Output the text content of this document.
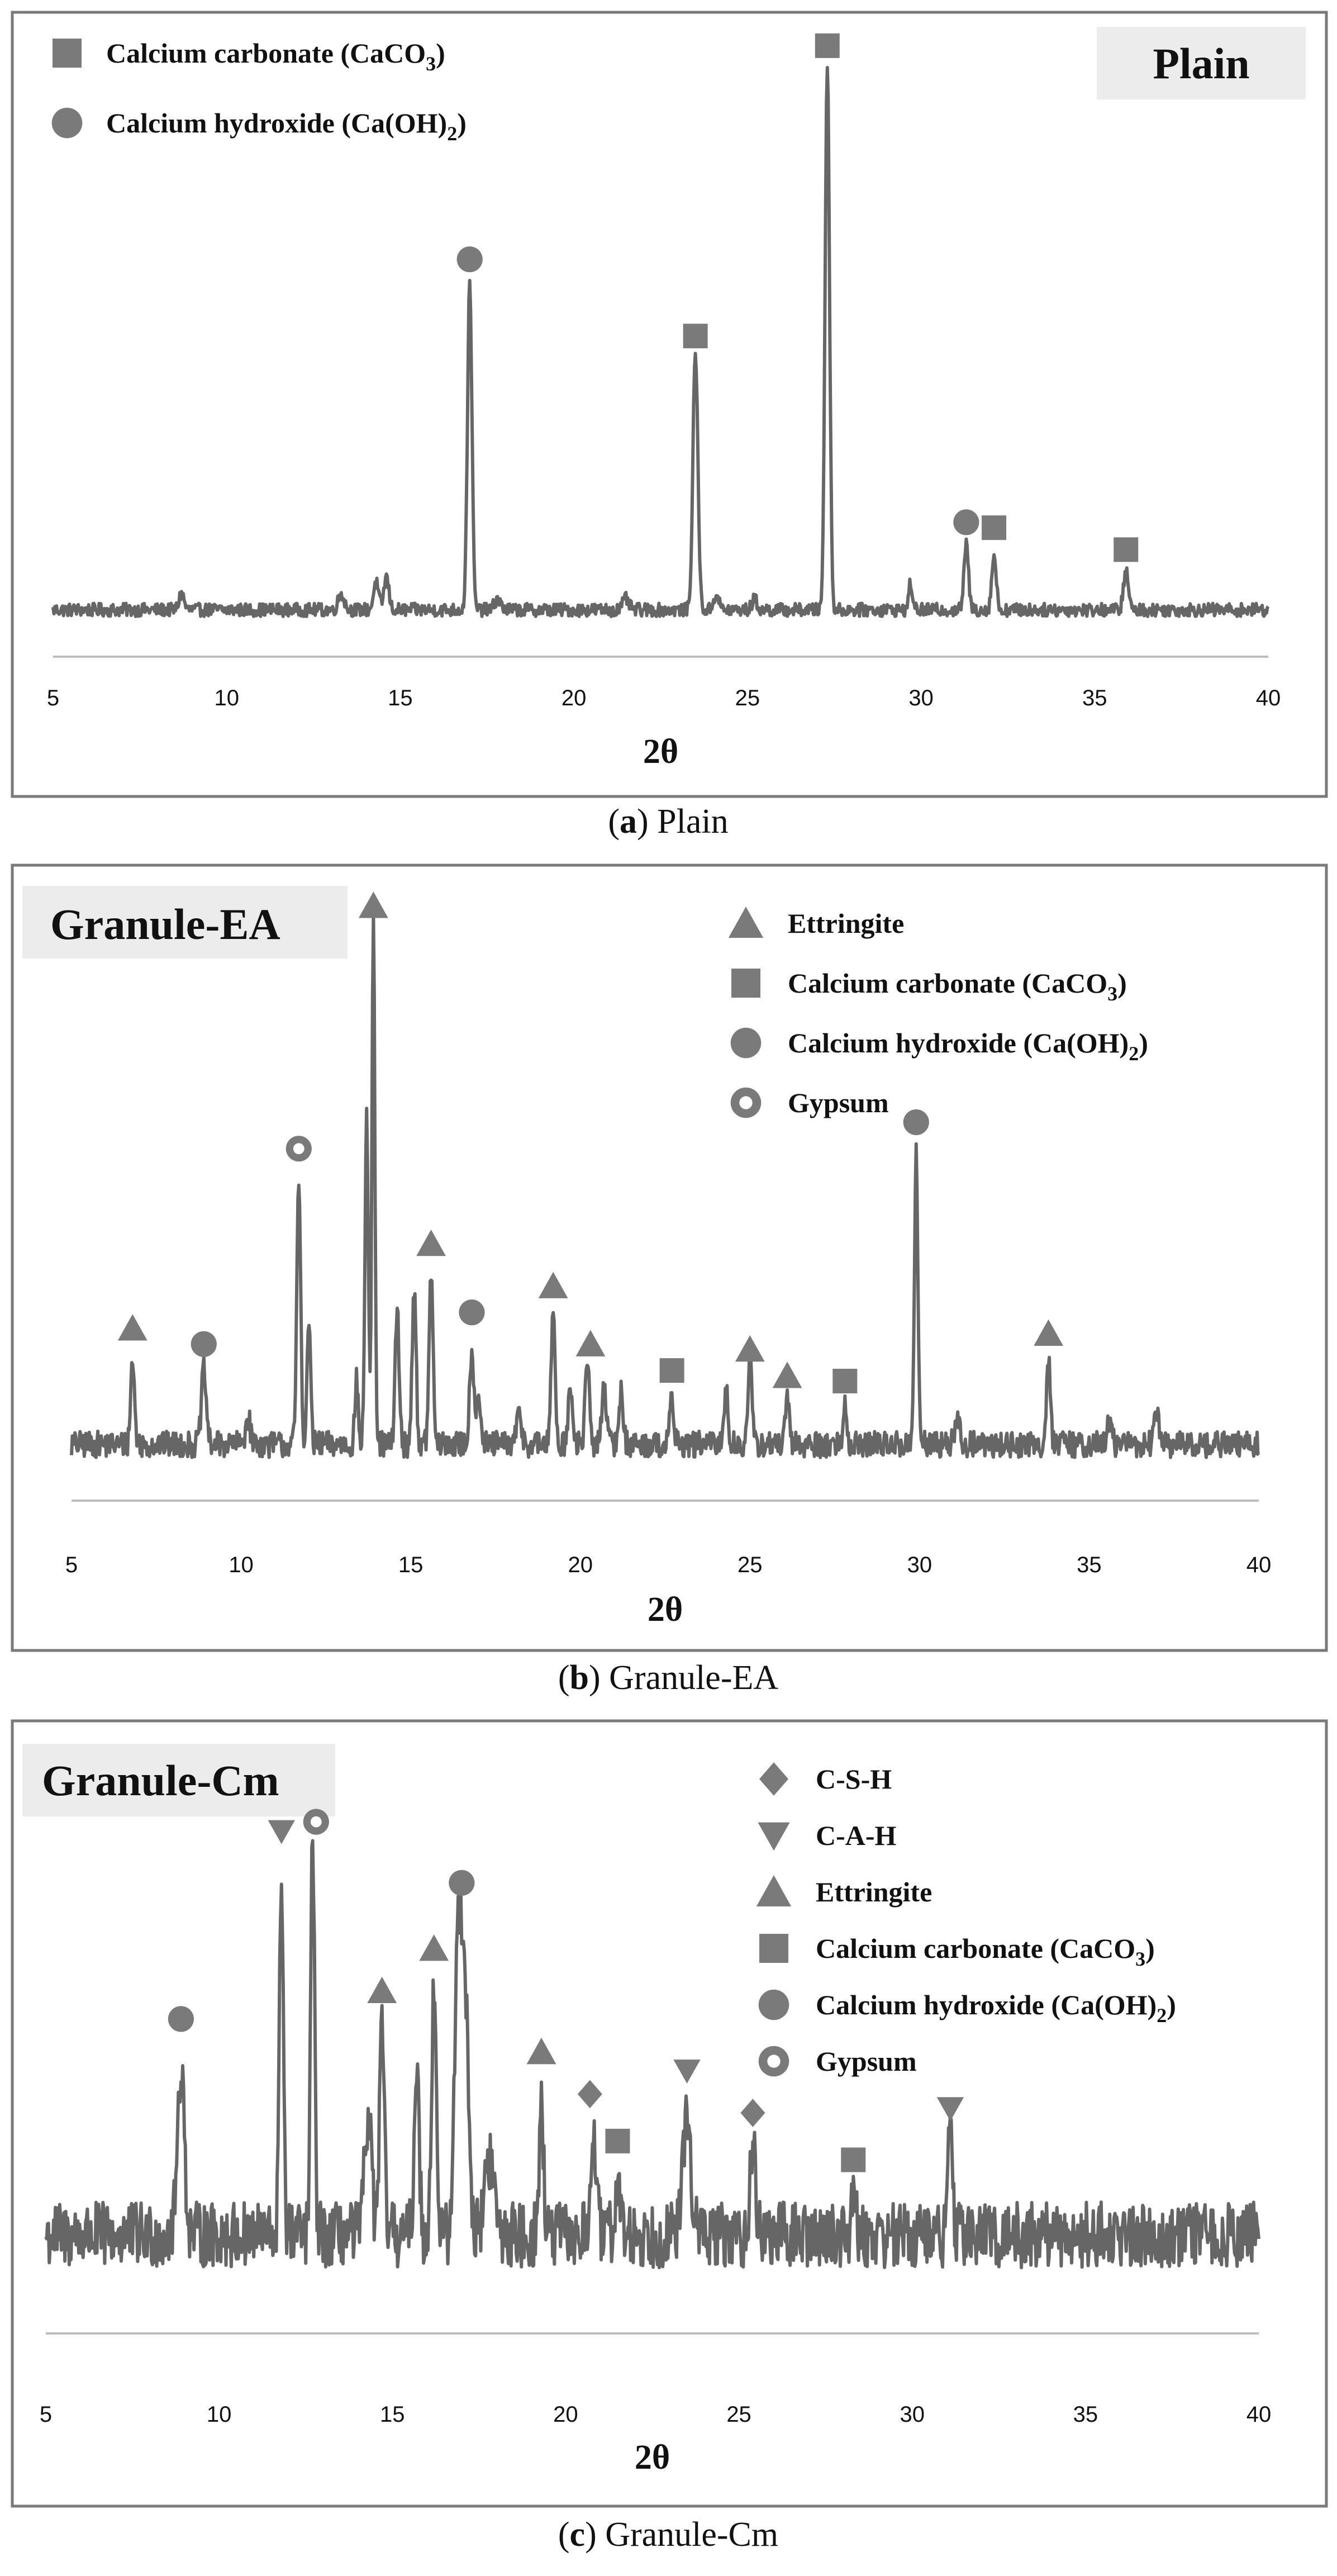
Plain
Calcium carbonate (CaCO$_3$)
Calcium hydroxide $(Ca(OH)_2)$
5	10	15	20	25	30	35	40
2θ
(a) Plain
Granule-EA	Ettringite
Calcium carbonate (CaCO$_3$)
Calcium hydroxide $(Ca(OH)_2)$
Gypsum
5	10	15	20	25	30	35	40
2θ
(b) Granule-EA
Granule-Cm	C-S-H
C-A-H
Ettringite
Calcium carbonate (CaCO$_3$)
Calcium hydroxide $(Ca(OH)_2)$
Gypsum
5	10	15	20	25	30	35	40
2θ
(c) Granule-Cm
